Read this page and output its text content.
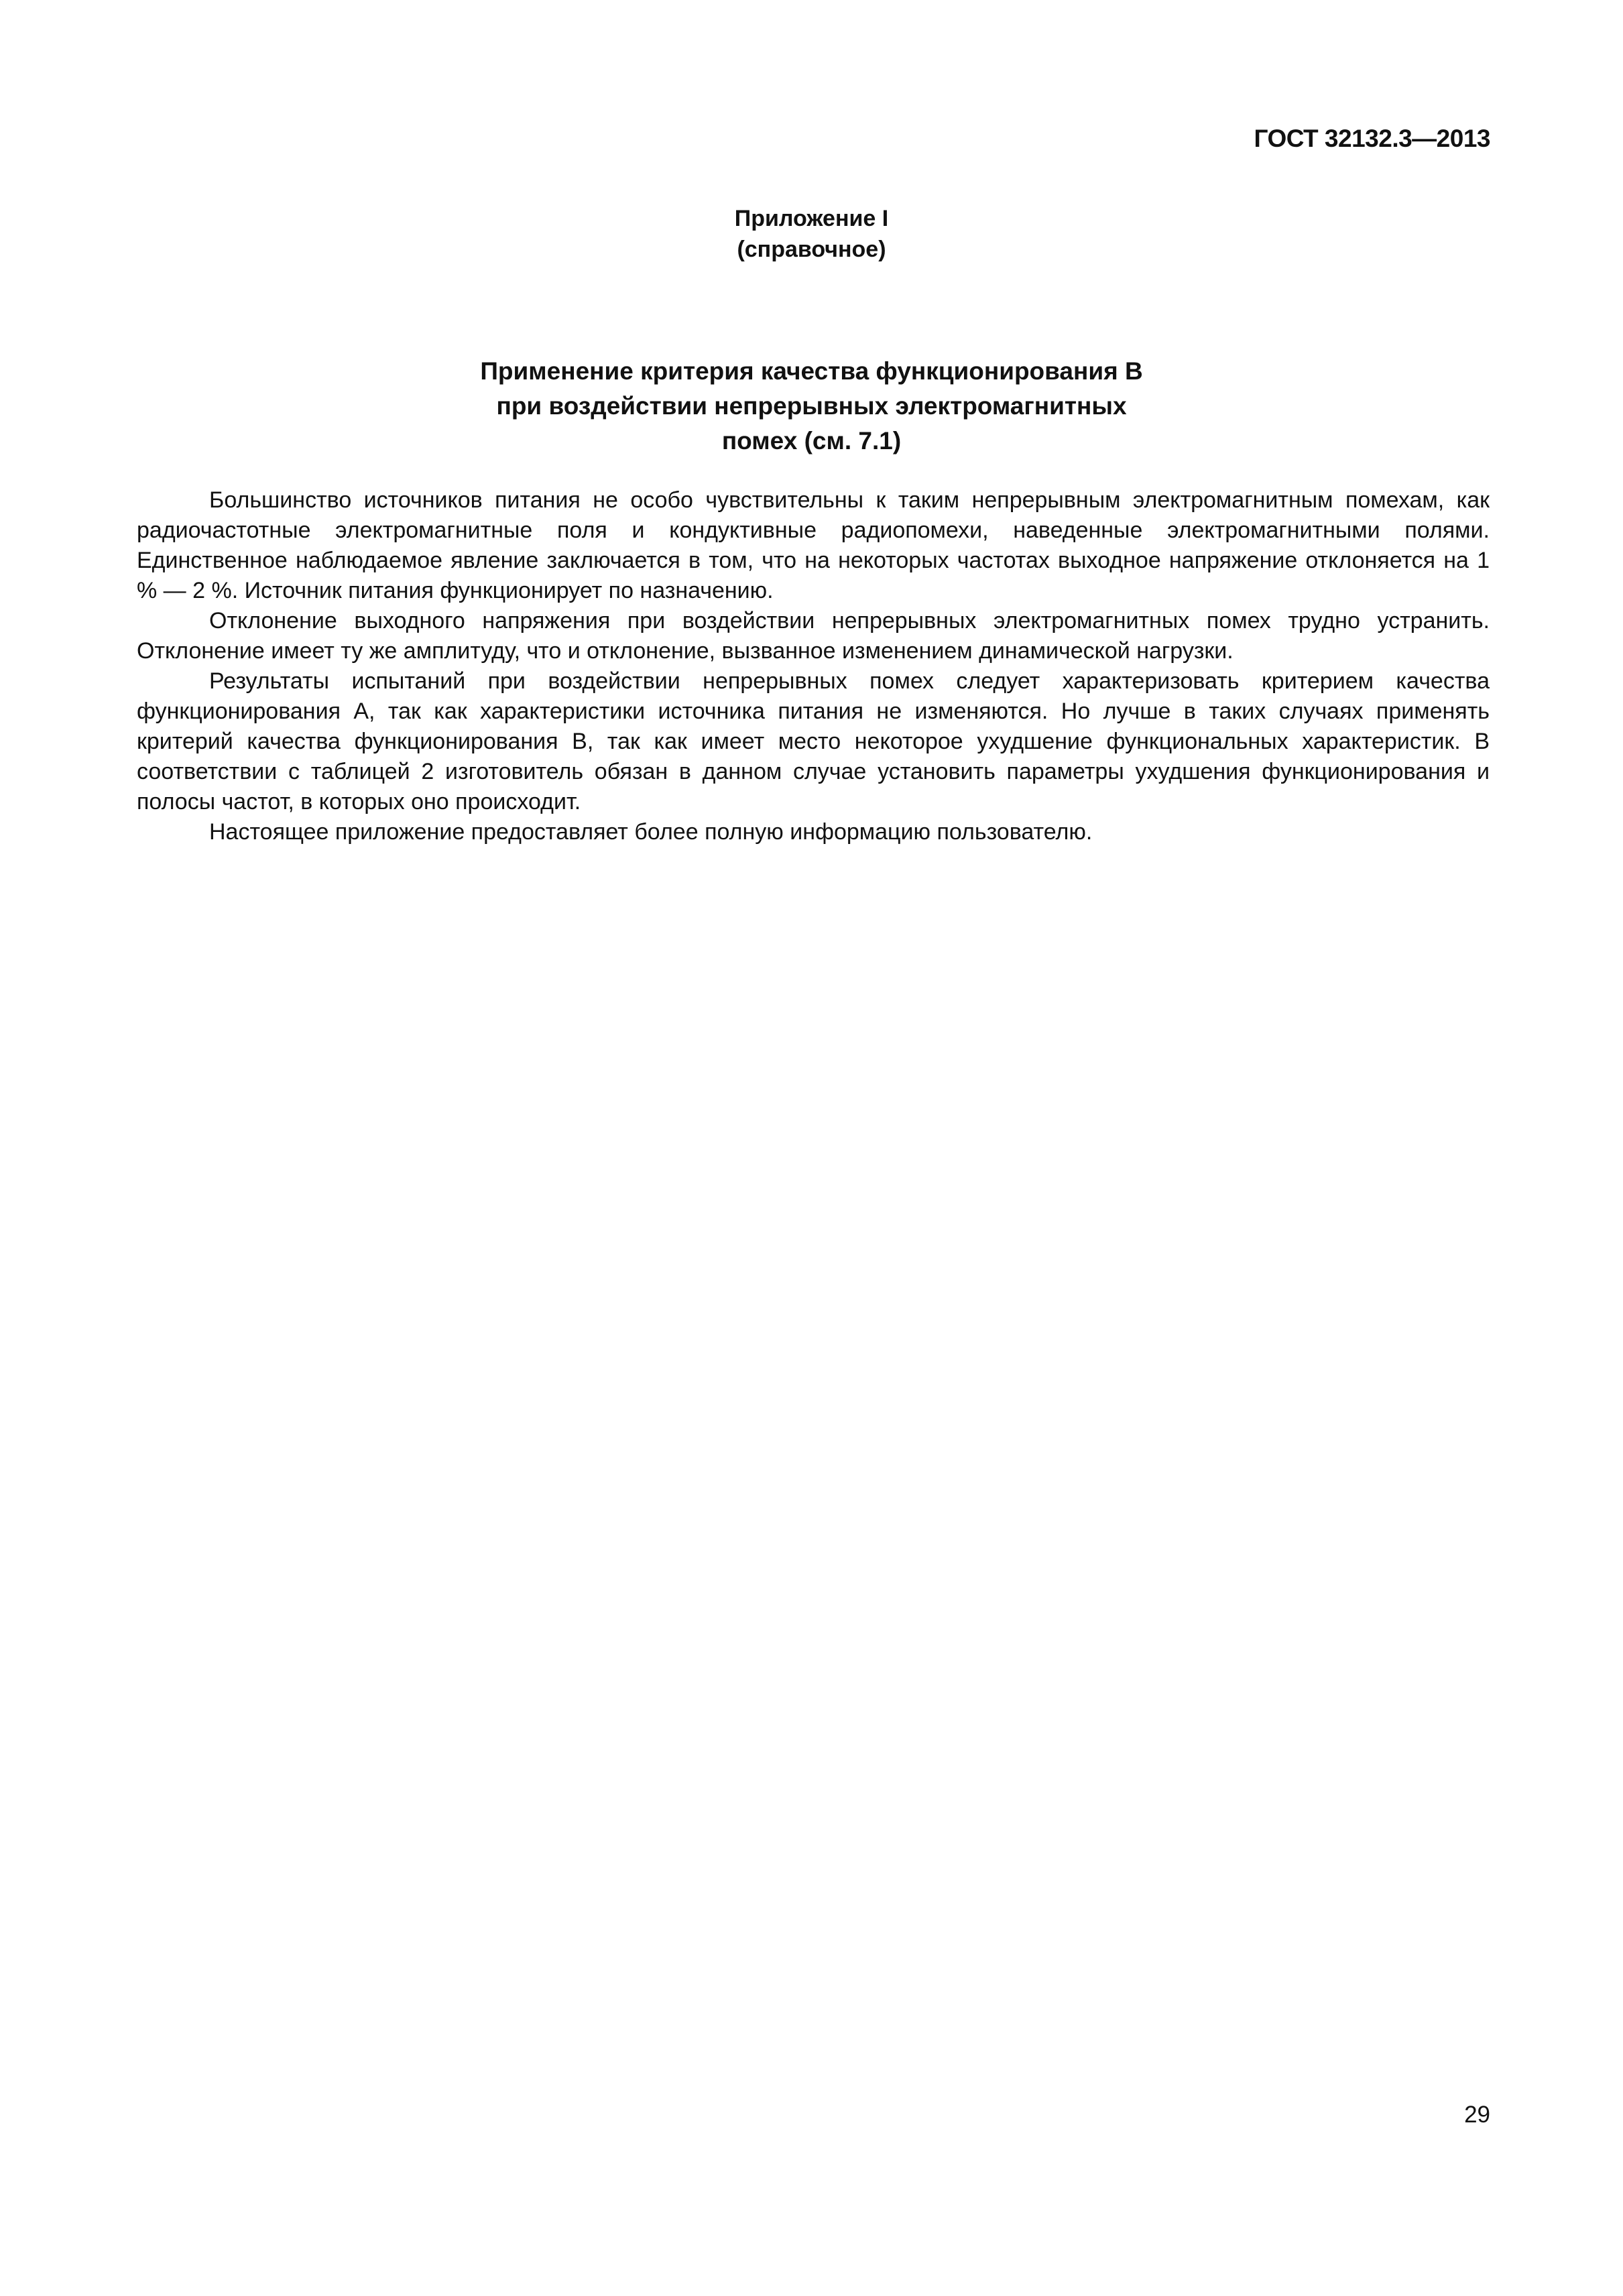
ГОСТ 32132.3—2013
Приложение I
(справочное)
Применение критерия качества функционирования В
при воздействии непрерывных электромагнитных
помех (см. 7.1)

Большинство источников питания не особо чувствительны к таким непрерывным электромагнитным помехам, как радиочастотные электромагнитные поля и кондуктивные радиопомехи, наведенные электромагнитными полями. Единственное наблюдаемое явление заключается в том, что на некоторых частотах выходное напряжение отклоняется на 1 % — 2 %. Источник питания функционирует по назначению.

Отклонение выходного напряжения при воздействии непрерывных электромагнитных помех трудно устранить. Отклонение имеет ту же амплитуду, что и отклонение, вызванное изменением динамической нагрузки.

Результаты испытаний при воздействии непрерывных помех следует характеризовать критерием качества функционирования А, так как характеристики источника питания не изменяются. Но лучше в таких случаях применять критерий качества функционирования В, так как имеет место некоторое ухудшение функциональных характеристик. В соответствии с таблицей 2 изготовитель обязан в данном случае установить параметры ухудшения функционирования и полосы частот, в которых оно происходит.

Настоящее приложение предоставляет более полную информацию пользователю.

29
